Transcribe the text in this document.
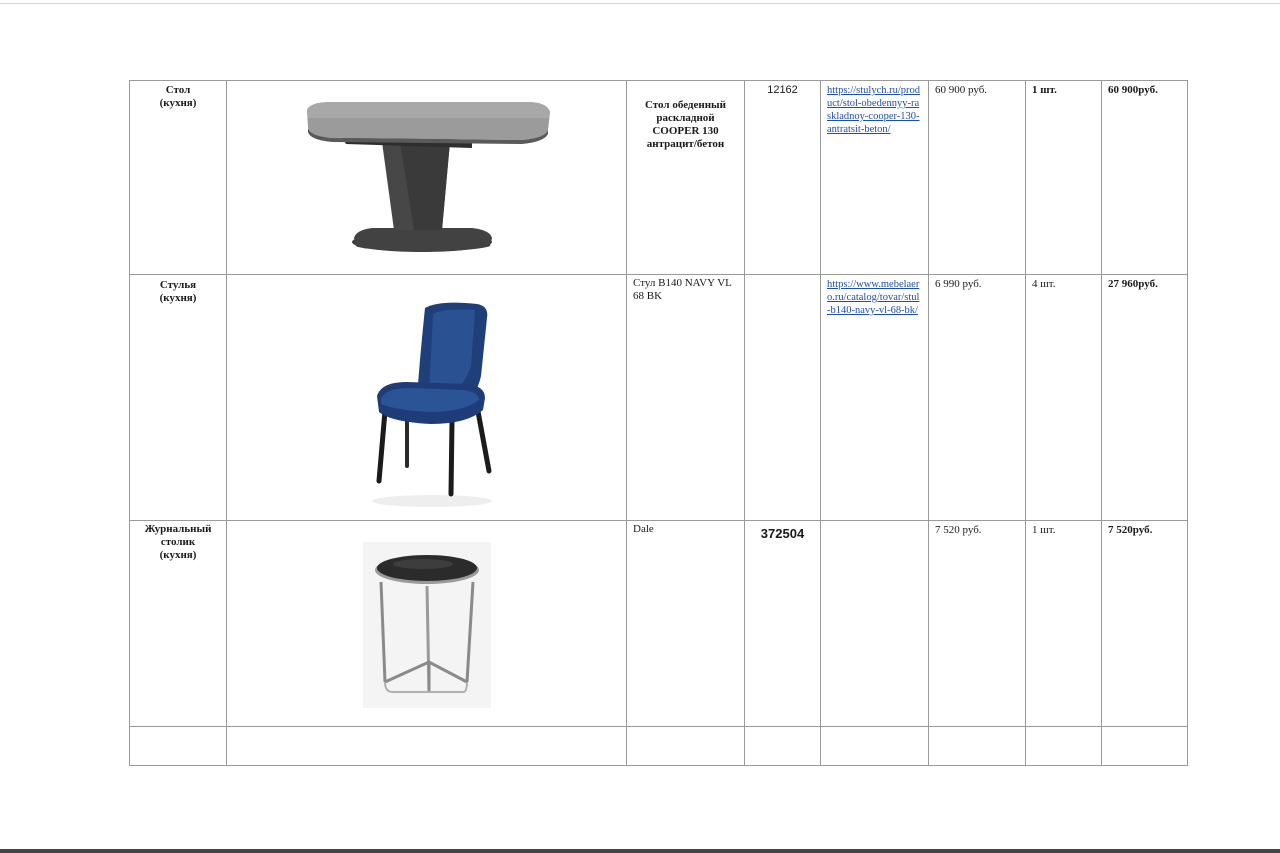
Стол
(кухня)		Стол обеденный раскладной COOPER 130 антрацит/бетон	12162	https://stulych.ru/product/stol-obedennyy-raskladnoy-cooper-130-antratsit-beton/	60 900 руб.	1 шт.	60 900руб.

Стулья
(кухня)		Стул B140 NAVY VL 68 BK		https://www.mebelaero.ru/catalog/tovar/stul-b140-navy-vl-68-bk/	6 990 руб.	4 шт.	27 960руб.

Журнальный
столик
(кухня)		Dale	372504		7 520 руб.	1 шт.	7 520руб.
